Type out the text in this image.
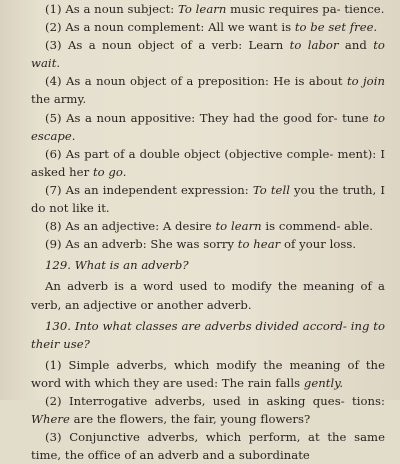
(1) As a noun subject: To learn music requires pa- tience.

(2) As a noun complement: All we want is to be set free.

(3) As a noun object of a verb: Learn to labor and to wait.

(4) As a noun object of a preposition: He is about to join the army.

(5) As a noun appositive: They had the good for- tune to escape.

(6) As part of a double object (objective comple- ment): I asked her to go.

(7) As an independent expression: To tell you the truth, I do not like it.

(8) As an adjective: A desire to learn is commend- able.

(9) As an adverb: She was sorry to hear of your loss.

129. What is an adverb?

An adverb is a word used to modify the meaning of a verb, an adjective or another adverb.

130. Into what classes are adverbs divided accord- ing to their use?

(1) Simple adverbs, which modify the meaning of the word with which they are used: The rain falls gently.

(2) Interrogative adverbs, used in asking ques- tions: Where are the flowers, the fair, young flowers?

(3) Conjunctive adverbs, which perform, at the same time, the office of an adverb and a subordinate
